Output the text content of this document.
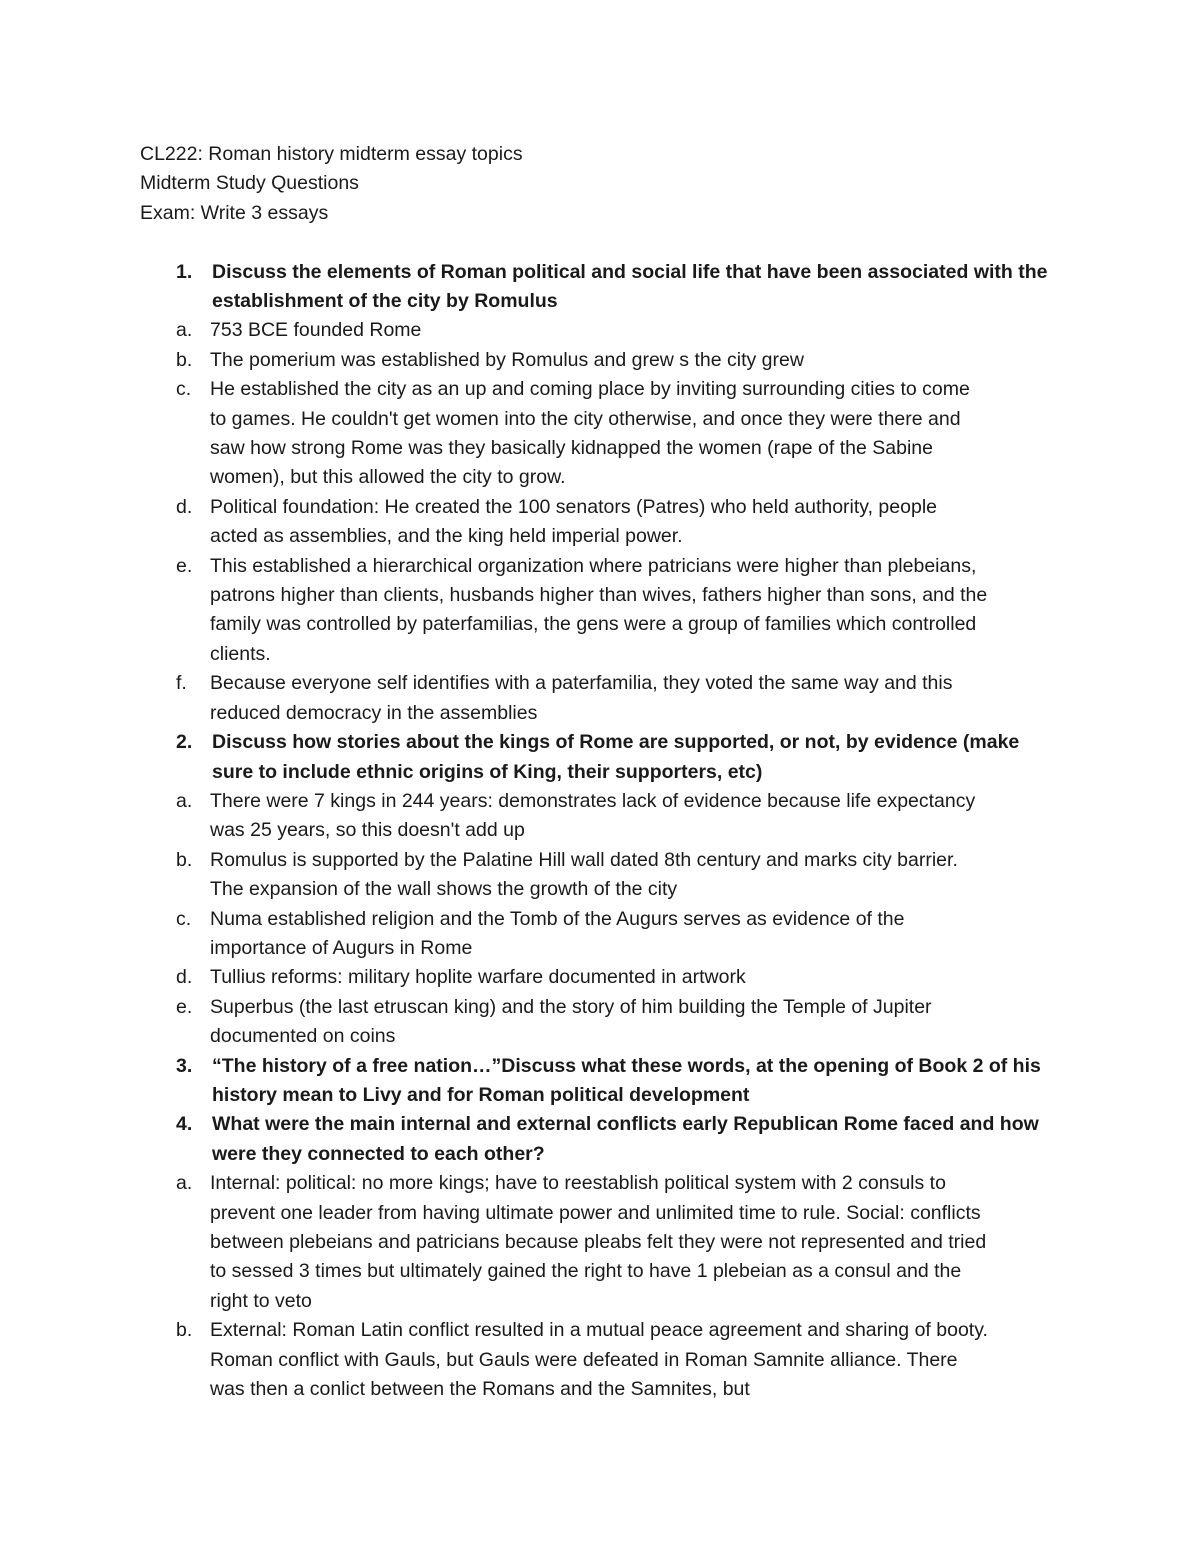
CL222: Roman history midterm essay topics
Midterm Study Questions
Exam: Write 3 essays
1. Discuss the elements of Roman political and social life that have been associated with the establishment of the city by Romulus
a. 753 BCE founded Rome
b. The pomerium was established by Romulus and grew s the city grew
c. He established the city as an up and coming place by inviting surrounding cities to come to games. He couldn't get women into the city otherwise, and once they were there and saw how strong Rome was they basically kidnapped the women (rape of the Sabine women), but this allowed the city to grow.
d. Political foundation: He created the 100 senators (Patres) who held authority, people acted as assemblies, and the king held imperial power.
e. This established a hierarchical organization where patricians were higher than plebeians, patrons higher than clients, husbands higher than wives, fathers higher than sons, and the family was controlled by paterfamilias, the gens were a group of families which controlled clients.
f. Because everyone self identifies with a paterfamilia, they voted the same way and this reduced democracy in the assemblies
2. Discuss how stories about the kings of Rome are supported, or not, by evidence (make sure to include ethnic origins of King, their supporters, etc)
a. There were 7 kings in 244 years: demonstrates lack of evidence because life expectancy was 25 years, so this doesn't add up
b. Romulus is supported by the Palatine Hill wall dated 8th century and marks city barrier. The expansion of the wall shows the growth of the city
c. Numa established religion and the Tomb of the Augurs serves as evidence of the importance of Augurs in Rome
d. Tullius reforms: military hoplite warfare documented in artwork
e. Superbus (the last etruscan king) and the story of him building the Temple of Jupiter documented on coins
3. “The history of a free nation…”Discuss what these words, at the opening of Book 2 of his history mean to Livy and for Roman political development
4. What were the main internal and external conflicts early Republican Rome faced and how were they connected to each other?
a. Internal: political: no more kings; have to reestablish political system with 2 consuls to prevent one leader from having ultimate power and unlimited time to rule. Social: conflicts between plebeians and patricians because pleabs felt they were not represented and tried to sessed 3 times but ultimately gained the right to have 1 plebeian as a consul and the right to veto
b. External: Roman Latin conflict resulted in a mutual peace agreement and sharing of booty. Roman conflict with Gauls, but Gauls were defeated in Roman Samnite alliance. There was then a conlict between the Romans and the Samnites, but
